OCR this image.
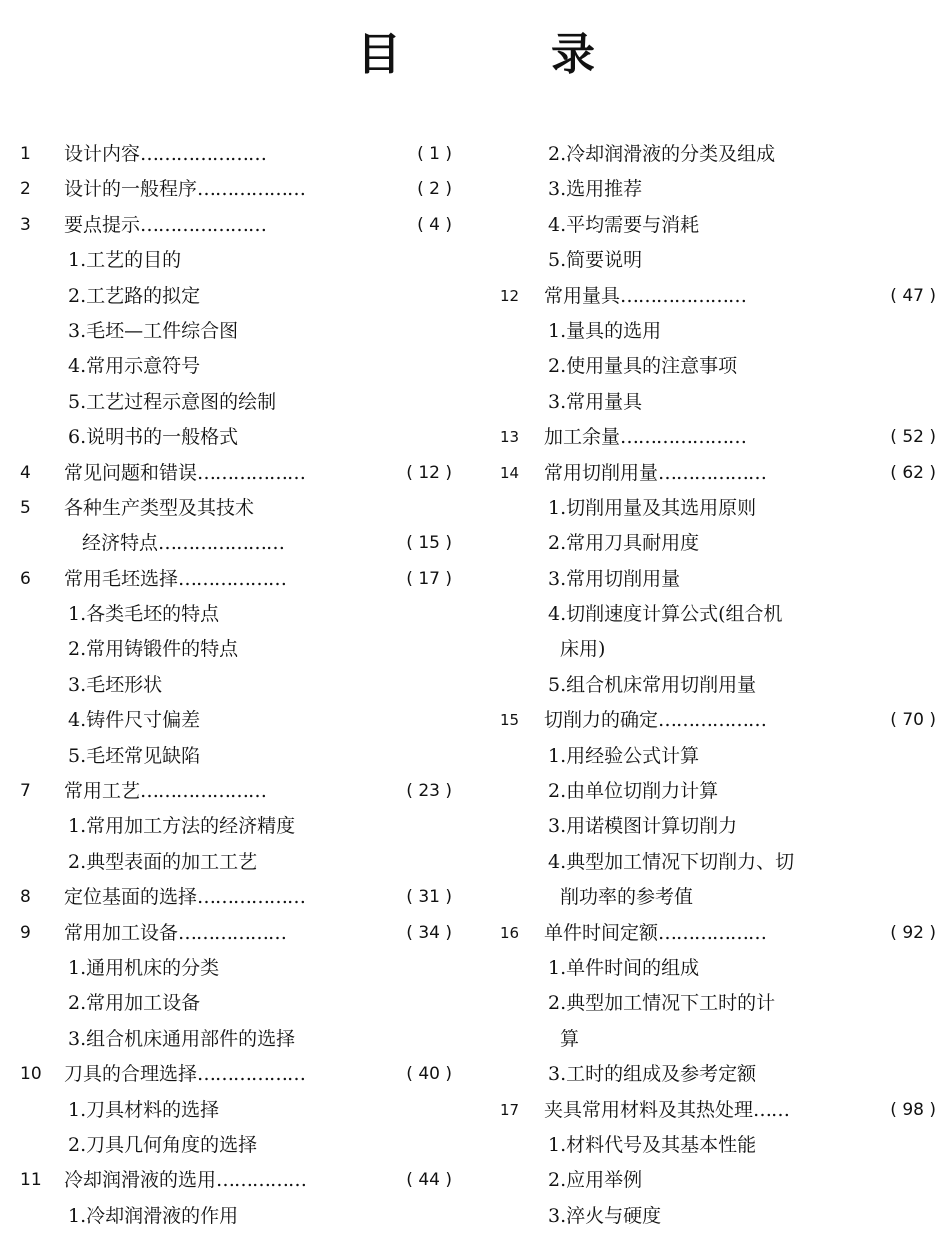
目	录
1	设计内容…………………	( 1 )
2	设计的一般程序………………	( 2 )
3	要点提示…………………	( 4 )
1.工艺的目的
2.工艺路的拟定
3.毛坯—工件综合图
4.常用示意符号
5.工艺过程示意图的绘制
6.说明书的一般格式
4	常见问题和错误………………	( 12 )
5	各种生产类型及其技术
经济特点…………………	( 15 )
6	常用毛坯选择………………	( 17 )
1.各类毛坯的特点
2.常用铸锻件的特点
3.毛坯形状
4.铸件尺寸偏差
5.毛坯常见缺陷
7	常用工艺…………………	( 23 )
1.常用加工方法的经济精度
2.典型表面的加工工艺
8	定位基面的选择………………	( 31 )
9	常用加工设备………………	( 34 )
1.通用机床的分类
2.常用加工设备
3.组合机床通用部件的选择
10	刀具的合理选择………………	( 40 )
1.刀具材料的选择
2.刀具几何角度的选择
11	冷却润滑液的选用……………	( 44 )
1.冷却润滑液的作用
2.冷却润滑液的分类及组成
3.选用推荐
4.平均需要与消耗
5.简要说明
12	常用量具…………………	( 47 )
1.量具的选用
2.使用量具的注意事项
3.常用量具
13	加工余量…………………	( 52 )
14	常用切削用量………………	( 62 )
1.切削用量及其选用原则
2.常用刀具耐用度
3.常用切削用量
4.切削速度计算公式(组合机
床用)
5.组合机床常用切削用量
15	切削力的确定………………	( 70 )
1.用经验公式计算
2.由单位切削力计算
3.用诺模图计算切削力
4.典型加工情况下切削力、切
削功率的参考值
16	单件时间定额………………	( 92 )
1.单件时间的组成
2.典型加工情况下工时的计
算
3.工时的组成及参考定额
17	夹具常用材料及其热处理……	( 98 )
1.材料代号及其基本性能
2.应用举例
3.淬火与硬度
